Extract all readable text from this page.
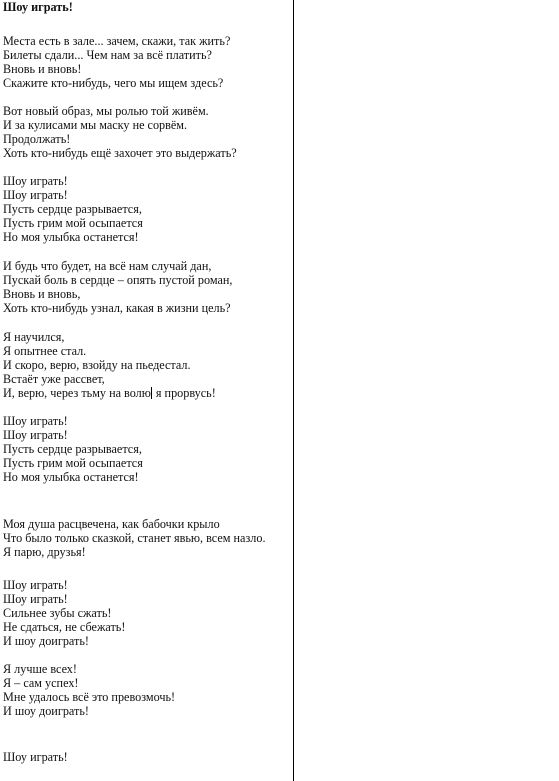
Шоу играть!
Места есть в зале... зачем, скажи, так жить?
Билеты сдали... Чем нам за всё платить?
Вновь и вновь!
Скажите кто-нибудь, чего мы ищем здесь?
Вот новый образ, мы ролью той живём.
И за кулисами мы маску не сорвём.
Продолжать!
Хоть кто-нибудь ещё захочет это выдержать?
Шоу играть!
Шоу играть!
Пусть сердце разрывается,
Пусть грим мой осыпается
Но моя улыбка останется!
И будь что будет, на всё нам случай дан,
Пускай боль в сердце – опять пустой роман,
Вновь и вновь,
Хоть кто-нибудь узнал, какая в жизни цель?
Я научился,
Я опытнее стал.
И скоро, верю, взойду на пьедестал.
Встаёт уже рассвет,
И, верю, через тьму на волю я прорвусь!
Шоу играть!
Шоу играть!
Пусть сердце разрывается,
Пусть грим мой осыпается
Но моя улыбка останется!
Моя душа расцвечена, как бабочки крыло
Что было только сказкой, станет явью, всем назло.
Я парю, друзья!
Шоу играть!
Шоу играть!
Сильнее зубы сжать!
Не сдаться, не сбежать!
И шоу доиграть!
Я лучше всех!
Я – сам успех!
Мне удалось всё это превозмочь!
И шоу доиграть!
Шоу играть!
